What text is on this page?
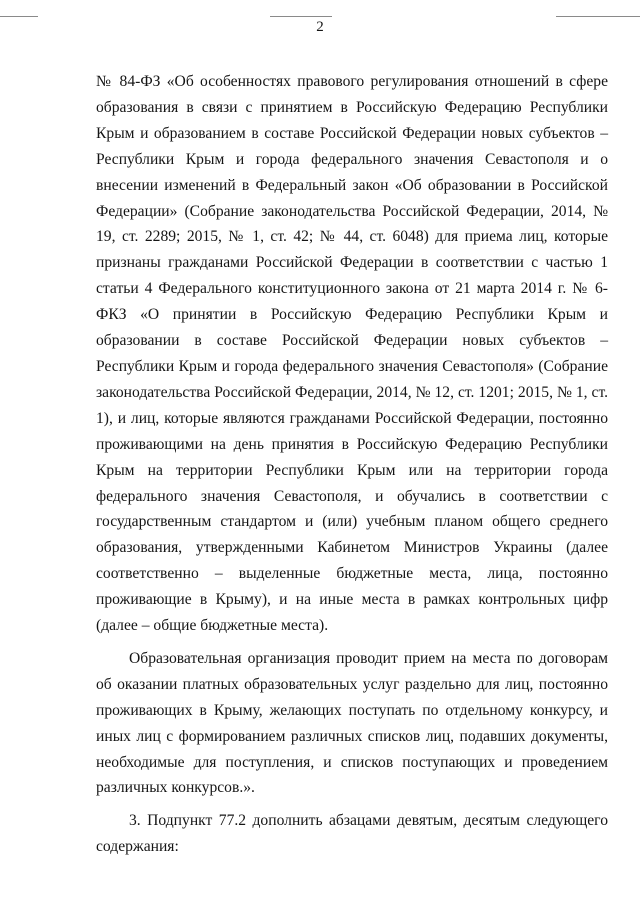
2

№ 84-ФЗ «Об особенностях правового регулирования отношений в сфере образования в связи с принятием в Российскую Федерацию Республики Крым и образованием в составе Российской Федерации новых субъектов – Республики Крым и города федерального значения Севастополя и о внесении изменений в Федеральный закон «Об образовании в Российской Федерации» (Собрание законодательства Российской Федерации, 2014, № 19, ст. 2289; 2015, № 1, ст. 42; № 44, ст. 6048) для приема лиц, которые признаны гражданами Российской Федерации в соответствии с частью 1 статьи 4 Федерального конституционного закона от 21 марта 2014 г. № 6-ФКЗ «О принятии в Российскую Федерацию Республики Крым и образовании в составе Российской Федерации новых субъектов – Республики Крым и города федерального значения Севастополя» (Собрание законодательства Российской Федерации, 2014, № 12, ст. 1201; 2015, № 1, ст. 1), и лиц, которые являются гражданами Российской Федерации, постоянно проживающими на день принятия в Российскую Федерацию Республики Крым на территории Республики Крым или на территории города федерального значения Севастополя, и обучались в соответствии с государственным стандартом и (или) учебным планом общего среднего образования, утвержденными Кабинетом Министров Украины (далее соответственно – выделенные бюджетные места, лица, постоянно проживающие в Крыму), и на иные места в рамках контрольных цифр (далее – общие бюджетные места).

Образовательная организация проводит прием на места по договорам об оказании платных образовательных услуг раздельно для лиц, постоянно проживающих в Крыму, желающих поступать по отдельному конкурсу, и иных лиц с формированием различных списков лиц, подавших документы, необходимые для поступления, и списков поступающих и проведением различных конкурсов.».

3. Подпункт 77.2 дополнить абзацами девятым, десятым следующего содержания:
